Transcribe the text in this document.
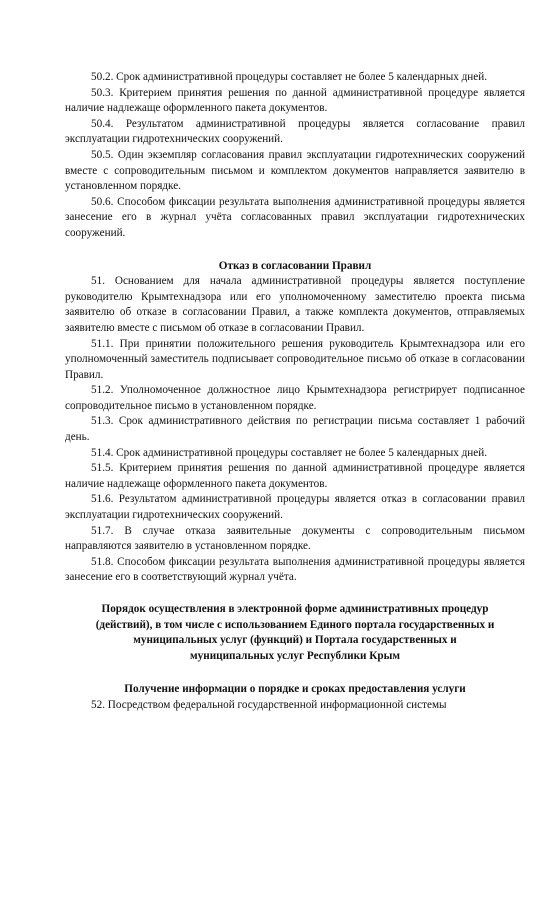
50.2. Срок административной процедуры составляет не более 5 календарных дней.

50.3. Критерием принятия решения по данной административной процедуре является наличие надлежаще оформленного пакета документов.

50.4. Результатом административной процедуры является согласование правил эксплуатации гидротехнических сооружений.

50.5. Один экземпляр согласования правил эксплуатации гидротехнических сооружений вместе с сопроводительным письмом и комплектом документов направляется заявителю в установленном порядке.

50.6. Способом фиксации результата выполнения административной процедуры является занесение его в журнал учёта согласованных правил эксплуатации гидротехнических сооружений.

Отказ в согласовании Правил

51. Основанием для начала административной процедуры является поступление руководителю Крымтехнадзора или его уполномоченному заместителю проекта письма заявителю об отказе в согласовании Правил, а также комплекта документов, отправляемых заявителю вместе с письмом об отказе в согласовании Правил.

51.1. При принятии положительного решения руководитель Крымтехнадзора или его уполномоченный заместитель подписывает сопроводительное письмо об отказе в согласовании Правил.

51.2. Уполномоченное должностное лицо Крымтехнадзора регистрирует подписанное сопроводительное письмо в установленном порядке.

51.3. Срок административного действия по регистрации письма составляет 1 рабочий день.

51.4. Срок административной процедуры составляет не более 5 календарных дней.

51.5. Критерием принятия решения по данной административной процедуре является наличие надлежаще оформленного пакета документов.

51.6. Результатом административной процедуры является отказ в согласовании правил эксплуатации гидротехнических сооружений.

51.7. В случае отказа заявительные документы с сопроводительным письмом направляются заявителю в установленном порядке.

51.8. Способом фиксации результата выполнения административной процедуры является занесение его в соответствующий журнал учёта.

Порядок осуществления в электронной форме административных процедур

(действий), в том числе с использованием Единого портала государственных и

муниципальных услуг (функций) и Портала государственных и

муниципальных услуг Республики Крым

Получение информации о порядке и сроках предоставления услуги

52. Посредством федеральной государственной информационной системы
